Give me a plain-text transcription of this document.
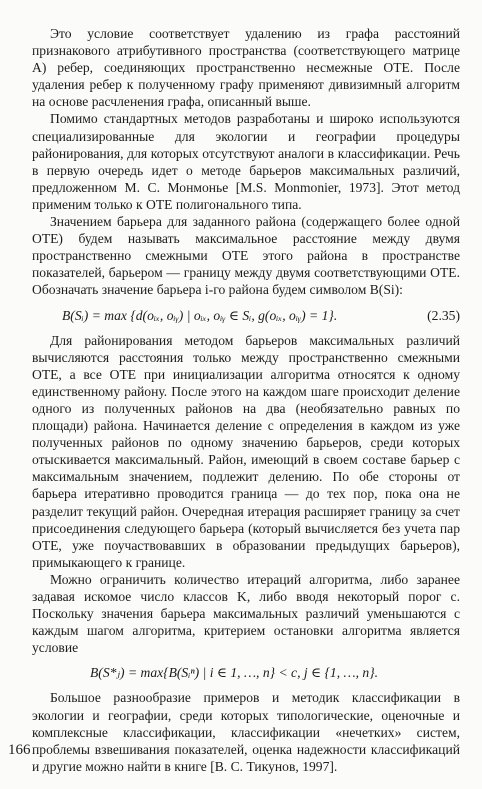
Это условие соответствует удалению из графа расстояний признакового атрибутивного пространства (соответствующего матрице А) ребер, соединяющих пространственно несмежные ОТЕ. После удаления ребер к полученному графу применяют дивизимный алгоритм на основе расчленения графа, описанный выше.

Помимо стандартных методов разработаны и широко используются специализированные для экологии и географии процедуры районирования, для которых отсутствуют аналоги в классификации. Речь в первую очередь идет о методе барьеров максимальных различий, предложенном М. С. Монмонье [M.S. Monmonier, 1973]. Этот метод применим только к ОТЕ полигонального типа.

Значением барьера для заданного района (содержащего более одной ОТЕ) будем называть максимальное расстояние между двумя пространственно смежными ОТЕ этого района в пространстве показателей, барьером — границу между двумя соответствующими ОТЕ. Обозначать значение барьера i-го района будем символом B(Si):

B(Sᵢ) = max {d(oᵢₓ, oᵢᵧ) | oᵢₓ, oᵢᵧ ∈ Sᵢ, g(oᵢₓ, oᵢᵧ) = 1}.	(2.35)

Для районирования методом барьеров максимальных различий вычисляются расстояния только между пространственно смежными ОТЕ, а все ОТЕ при инициализации алгоритма относятся к одному единственному району. После этого на каждом шаге происходит деление одного из полученных районов на два (необязательно равных по площади) района. Начинается деление с определения в каждом из уже полученных районов по одному значению барьеров, среди которых отыскивается максимальный. Район, имеющий в своем составе барьер с максимальным значением, подлежит делению. По обе стороны от барьера итеративно проводится граница — до тех пор, пока она не разделит текущий район. Очередная итерация расширяет границу за счет присоединения следующего барьера (который вычисляется без учета пар ОТЕ, уже поучаствовавших в образовании предыдущих барьеров), примыкающего к границе.

Можно ограничить количество итераций алгоритма, либо заранее задавая искомое число классов K, либо вводя некоторый порог c. Поскольку значения барьера максимальных различий уменьшаются с каждым шагом алгоритма, критерием остановки алгоритма является условие

B(S*ⱼ) = max{B(Sᵢⁿ) | i ∈ 1, …, n} < c, j ∈ {1, …, n}.

Большое разнообразие примеров и методик классификации в экологии и географии, среди которых типологические, оценочные и комплексные классификации, классификации «нечетких» систем, проблемы взвешивания показателей, оценка надежности классификаций и другие можно найти в книге [В. С. Тикунов, 1997].

166
